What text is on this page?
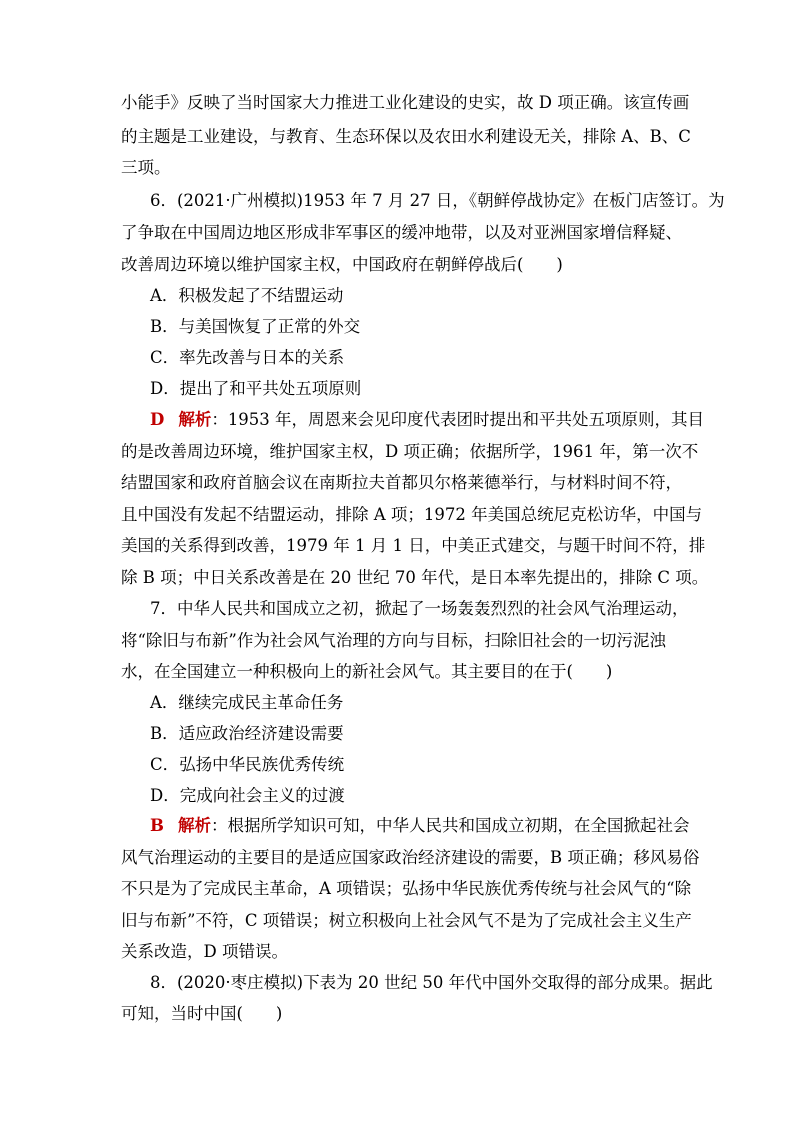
小能手》反映了当时国家大力推进工业化建设的史实，故 D 项正确。该宣传画
的主题是工业建设，与教育、生态环保以及农田水利建设无关，排除 A、B、C
三项。
6．(2021·广州模拟)1953 年 7 月 27 日，《朝鲜停战协定》在板门店签订。为
了争取在中国周边地区形成非军事区的缓冲地带，以及对亚洲国家增信释疑、
改善周边环境以维护国家主权，中国政府在朝鲜停战后(　　)
A．积极发起了不结盟运动
B．与美国恢复了正常的外交
C．率先改善与日本的关系
D．提出了和平共处五项原则
D 解析：1953 年，周恩来会见印度代表团时提出和平共处五项原则，其目
的是改善周边环境，维护国家主权，D 项正确；依据所学，1961 年，第一次不
结盟国家和政府首脑会议在南斯拉夫首都贝尔格莱德举行，与材料时间不符，
且中国没有发起不结盟运动，排除 A 项；1972 年美国总统尼克松访华，中国与
美国的关系得到改善，1979 年 1 月 1 日，中美正式建交，与题干时间不符，排
除 B 项；中日关系改善是在 20 世纪 70 年代，是日本率先提出的，排除 C 项。
7．中华人民共和国成立之初，掀起了一场轰轰烈烈的社会风气治理运动，
将“除旧与布新”作为社会风气治理的方向与目标，扫除旧社会的一切污泥浊
水，在全国建立一种积极向上的新社会风气。其主要目的在于(　　)
A．继续完成民主革命任务
B．适应政治经济建设需要
C．弘扬中华民族优秀传统
D．完成向社会主义的过渡
B 解析：根据所学知识可知，中华人民共和国成立初期，在全国掀起社会
风气治理运动的主要目的是适应国家政治经济建设的需要，B 项正确；移风易俗
不只是为了完成民主革命，A 项错误；弘扬中华民族优秀传统与社会风气的“除
旧与布新”不符，C 项错误；树立积极向上社会风气不是为了完成社会主义生产
关系改造，D 项错误。
8．(2020·枣庄模拟)下表为 20 世纪 50 年代中国外交取得的部分成果。据此
可知，当时中国(　　)
